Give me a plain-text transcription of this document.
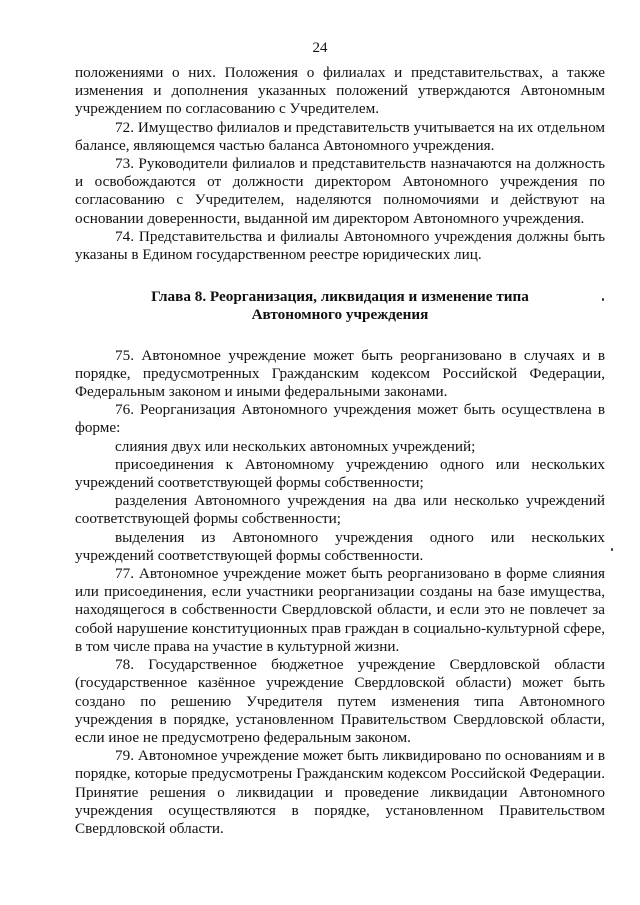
24

положениями о них. Положения о филиалах и представительствах, а также изменения и дополнения указанных положений утверждаются Автономным учреждением по согласованию с Учредителем.

72. Имущество филиалов и представительств учитывается на их отдельном балансе, являющемся частью баланса Автономного учреждения.

73. Руководители филиалов и представительств назначаются на должность и освобождаются от должности директором Автономного учреждения по согласованию с Учредителем, наделяются полномочиями и действуют на основании доверенности, выданной им директором Автономного учреждения.

74. Представительства и филиалы Автономного учреждения должны быть указаны в Едином государственном реестре юридических лиц.

Глава 8. Реорганизация, ликвидация и изменение типа
Автономного учреждения

75. Автономное учреждение может быть реорганизовано в случаях и в порядке, предусмотренных Гражданским кодексом Российской Федерации, Федеральным законом и иными федеральными законами.

76. Реорганизация Автономного учреждения может быть осуществлена в форме:

слияния двух или нескольких автономных учреждений;

присоединения к Автономному учреждению одного или нескольких учреждений соответствующей формы собственности;

разделения Автономного учреждения на два или несколько учреждений соответствующей формы собственности;

выделения из Автономного учреждения одного или нескольких учреждений соответствующей формы собственности.

77. Автономное учреждение может быть реорганизовано в форме слияния или присоединения, если участники реорганизации созданы на базе имущества, находящегося в собственности Свердловской области, и если это не повлечет за собой нарушение конституционных прав граждан в социально-культурной сфере, в том числе права на участие в культурной жизни.

78. Государственное бюджетное учреждение Свердловской области (государственное казённое учреждение Свердловской области) может быть создано по решению Учредителя путем изменения типа Автономного учреждения в порядке, установленном Правительством Свердловской области, если иное не предусмотрено федеральным законом.

79. Автономное учреждение может быть ликвидировано по основаниям и в порядке, которые предусмотрены Гражданским кодексом Российской Федерации. Принятие решения о ликвидации и проведение ликвидации Автономного учреждения осуществляются в порядке, установленном Правительством Свердловской области.
